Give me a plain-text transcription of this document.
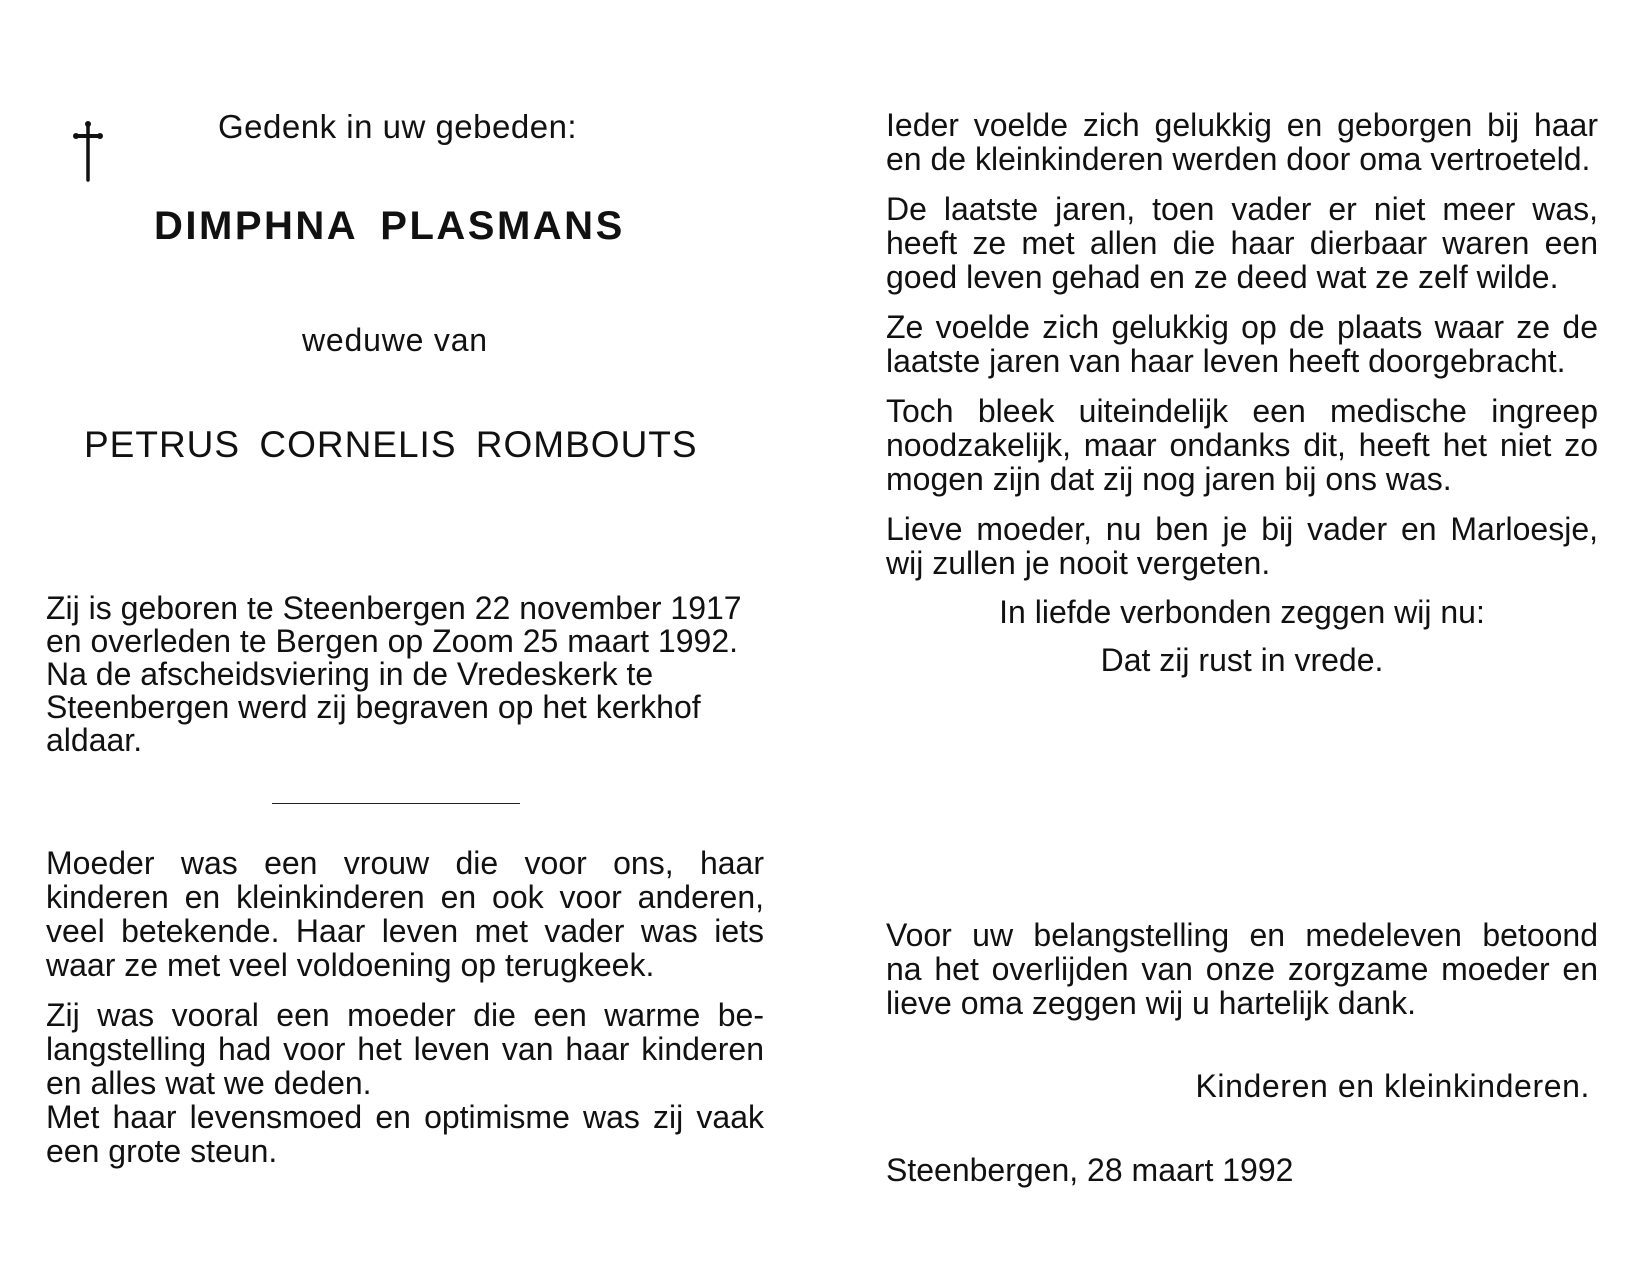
Gedenk in uw gebeden:
DIMPHNA PLASMANS
weduwe van
PETRUS CORNELIS ROMBOUTS
Zij is geboren te Steenbergen 22 november 1917
en overleden te Bergen op Zoom 25 maart 1992.
Na de afscheidsviering in de Vredeskerk te
Steenbergen werd zij begraven op het kerkhof
aldaar.
Moeder was een vrouw die voor ons, haar
kinderen en kleinkinderen en ook voor anderen,
veel betekende. Haar leven met vader was iets
waar ze met veel voldoening op terugkeek.
Zij was vooral een moeder die een warme be-
langstelling had voor het leven van haar kinderen
en alles wat we deden.
Met haar levensmoed en optimisme was zij vaak
een grote steun.
Ieder voelde zich gelukkig en geborgen bij haar
en de kleinkinderen werden door oma vertroeteld.
De laatste jaren, toen vader er niet meer was,
heeft ze met allen die haar dierbaar waren een
goed leven gehad en ze deed wat ze zelf wilde.
Ze voelde zich gelukkig op de plaats waar ze de
laatste jaren van haar leven heeft doorgebracht.
Toch bleek uiteindelijk een medische ingreep
noodzakelijk, maar ondanks dit, heeft het niet zo
mogen zijn dat zij nog jaren bij ons was.
Lieve moeder, nu ben je bij vader en Marloesje,
wij zullen je nooit vergeten.
In liefde verbonden zeggen wij nu:
Dat zij rust in vrede.
Voor uw belangstelling en medeleven betoond
na het overlijden van onze zorgzame moeder en
lieve oma zeggen wij u hartelijk dank.
Kinderen en kleinkinderen.
Steenbergen, 28 maart 1992
